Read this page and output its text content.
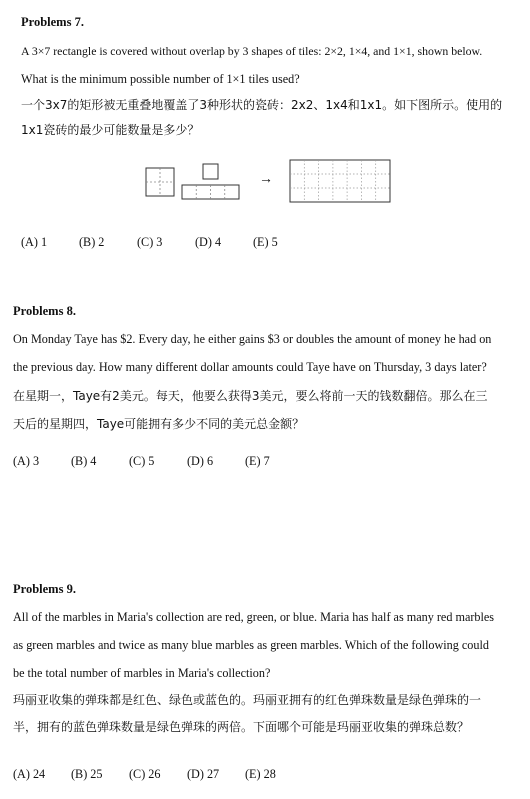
Problems 7.
A 3×7 rectangle is covered without overlap by 3 shapes of tiles: 2×2, 1×4, and 1×1, shown below.
What is the minimum possible number of 1×1 tiles used?
一个3x7的矩形被无重叠地覆盖了3种形状的瓷砖：2x2、1x4和1x1。如下图所示。使用的
1x1瓷砖的最少可能数量是多少？
→
(A) 1	(B) 2	(C) 3	(D) 4	(E) 5
Problems 8.
On Monday Taye has $2. Every day, he either gains $3 or doubles the amount of money he had on
the previous day. How many different dollar amounts could Taye have on Thursday, 3 days later?
在星期一，Taye有2美元。每天，他要么获得3美元，要么将前一天的钱数翻倍。那么在三
天后的星期四，Taye可能拥有多少不同的美元总金额？
(A) 3	(B) 4	(C) 5	(D) 6	(E) 7
Problems 9.
All of the marbles in Maria's collection are red, green, or blue. Maria has half as many red marbles
as green marbles and twice as many blue marbles as green marbles. Which of the following could
be the total number of marbles in Maria's collection?
玛丽亚收集的弹珠都是红色、绿色或蓝色的。玛丽亚拥有的红色弹珠数量是绿色弹珠的一
半，拥有的蓝色弹珠数量是绿色弹珠的两倍。下面哪个可能是玛丽亚收集的弹珠总数？
(A) 24 (B) 25 (C) 26 (D) 27 (E) 28
